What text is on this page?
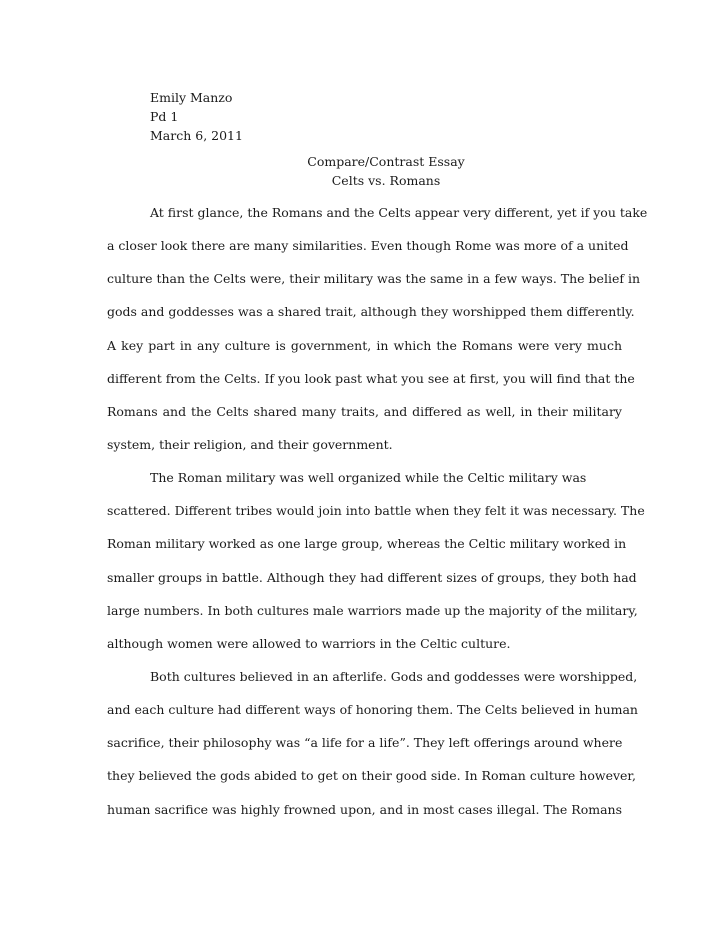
Emily Manzo
Pd 1
March 6, 2011
Compare/Contrast Essay
Celts vs. Romans
At first glance, the Romans and the Celts appear very different, yet if you take
a closer look there are many similarities. Even though Rome was more of a united
culture than the Celts were, their military was the same in a few ways. The belief in
gods and goddesses was a shared trait, although they worshipped them differently.
A key part in any culture is government, in which the Romans were very much
different from the Celts. If you look past what you see at first, you will find that the
Romans and the Celts shared many traits, and differed as well, in their military
system, their religion, and their government.
The Roman military was well organized while the Celtic military was
scattered. Different tribes would join into battle when they felt it was necessary. The
Roman military worked as one large group, whereas the Celtic military worked in
smaller groups in battle. Although they had different sizes of groups, they both had
large numbers. In both cultures male warriors made up the majority of the military,
although women were allowed to warriors in the Celtic culture.
Both cultures believed in an afterlife. Gods and goddesses were worshipped,
and each culture had different ways of honoring them. The Celts believed in human
sacrifice, their philosophy was “a life for a life”. They left offerings around where
they believed the gods abided to get on their good side. In Roman culture however,
human sacrifice was highly frowned upon, and in most cases illegal. The Romans
